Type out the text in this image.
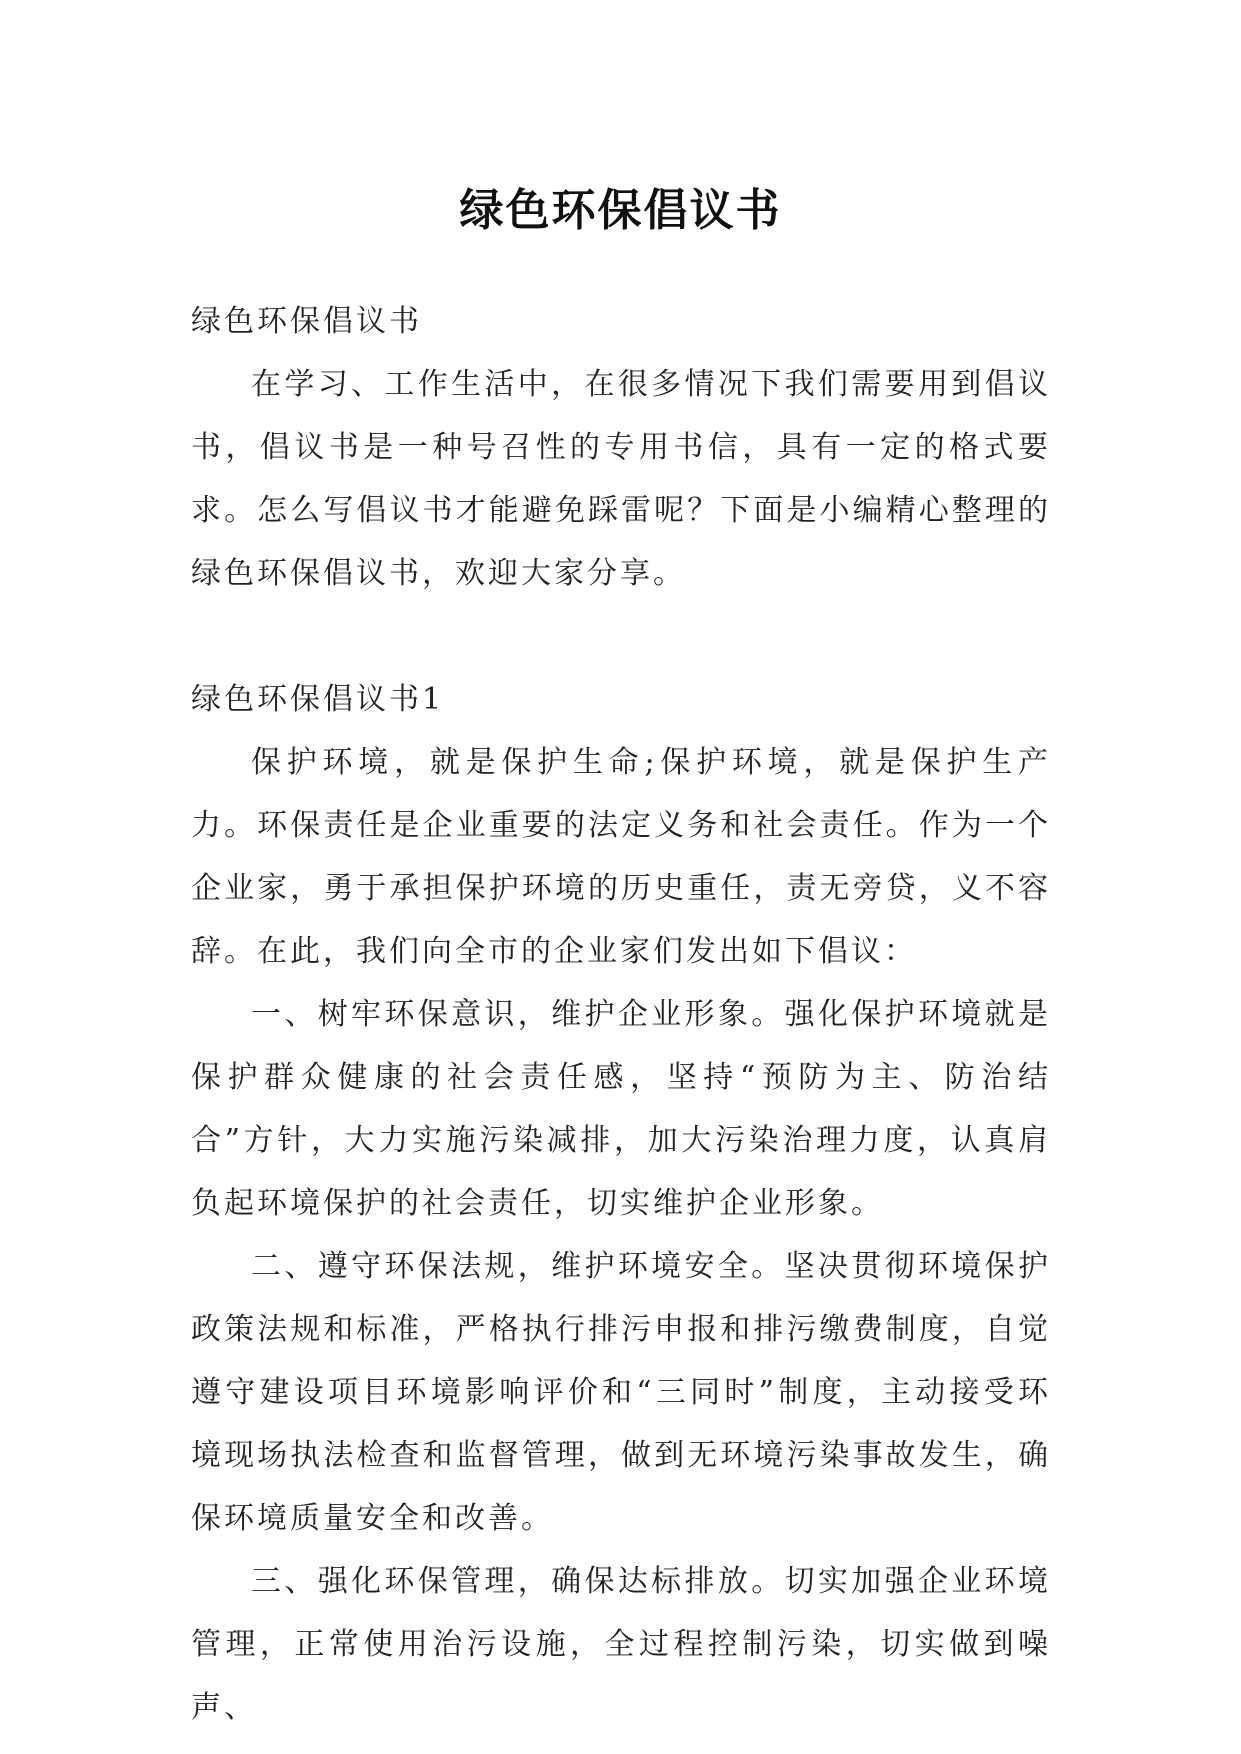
绿色环保倡议书

绿色环保倡议书

在学习、工作生活中，在很多情况下我们需要用到倡议书，倡议书是一种号召性的专用书信，具有一定的格式要求。怎么写倡议书才能避免踩雷呢？下面是小编精心整理的绿色环保倡议书，欢迎大家分享。

绿色环保倡议书1

保护环境，就是保护生命;保护环境，就是保护生产力。环保责任是企业重要的法定义务和社会责任。作为一个企业家，勇于承担保护环境的历史重任，责无旁贷，义不容辞。在此，我们向全市的企业家们发出如下倡议：

一、树牢环保意识，维护企业形象。强化保护环境就是保护群众健康的社会责任感，坚持“预防为主、防治结合”方针，大力实施污染减排，加大污染治理力度，认真肩负起环境保护的社会责任，切实维护企业形象。

二、遵守环保法规，维护环境安全。坚决贯彻环境保护政策法规和标准，严格执行排污申报和排污缴费制度，自觉遵守建设项目环境影响评价和“三同时”制度，主动接受环境现场执法检查和监督管理，做到无环境污染事故发生，确保环境质量安全和改善。

三、强化环保管理，确保达标排放。切实加强企业环境管理，正常使用治污设施，全过程控制污染，切实做到噪声、
